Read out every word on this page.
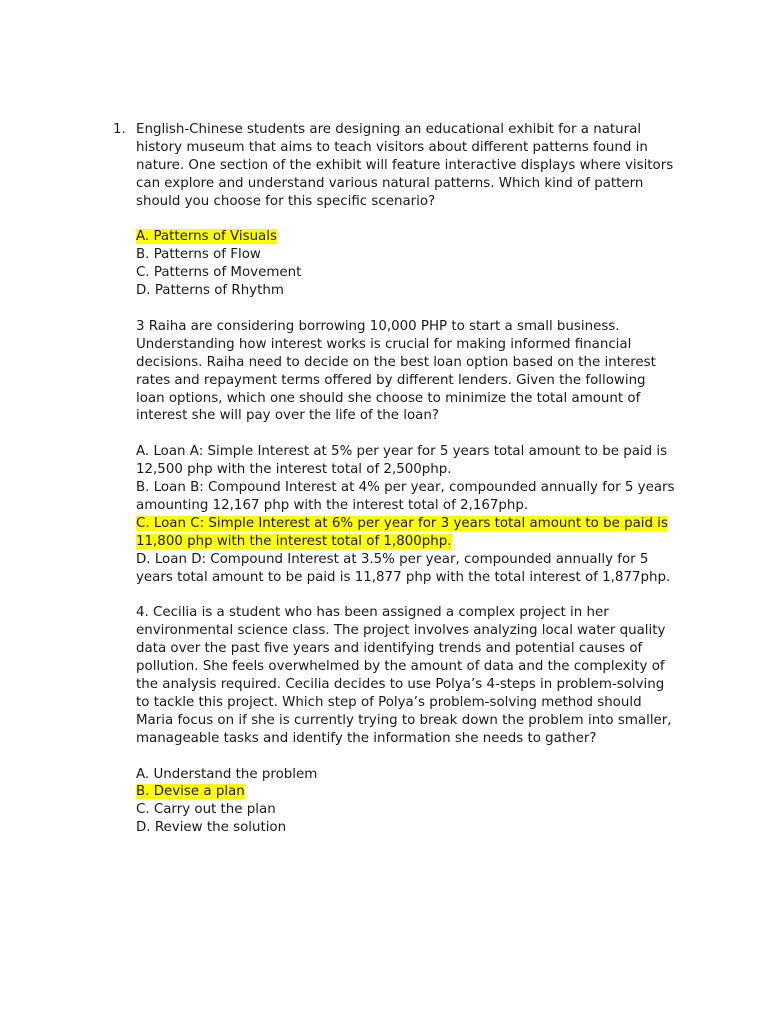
1. English-Chinese students are designing an educational exhibit for a natural history museum that aims to teach visitors about different patterns found in nature. One section of the exhibit will feature interactive displays where visitors can explore and understand various natural patterns. Which kind of pattern should you choose for this specific scenario?

A. Patterns of Visuals
B. Patterns of Flow
C. Patterns of Movement
D. Patterns of Rhythm

3 Raiha are considering borrowing 10,000 PHP to start a small business. Understanding how interest works is crucial for making informed financial decisions. Raiha need to decide on the best loan option based on the interest rates and repayment terms offered by different lenders. Given the following loan options, which one should she choose to minimize the total amount of interest she will pay over the life of the loan?

A. Loan A: Simple Interest at 5% per year for 5 years total amount to be paid is 12,500 php with the interest total of 2,500php.
B. Loan B: Compound Interest at 4% per year, compounded annually for 5 years amounting 12,167 php with the interest total of 2,167php.
C. Loan C: Simple Interest at 6% per year for 3 years total amount to be paid is 11,800 php with the interest total of 1,800php.
D. Loan D: Compound Interest at 3.5% per year, compounded annually for 5 years total amount to be paid is 11,877 php with the total interest of 1,877php.

4. Cecilia is a student who has been assigned a complex project in her environmental science class. The project involves analyzing local water quality data over the past five years and identifying trends and potential causes of pollution. She feels overwhelmed by the amount of data and the complexity of the analysis required. Cecilia decides to use Polya’s 4-steps in problem-solving to tackle this project. Which step of Polya’s problem-solving method should Maria focus on if she is currently trying to break down the problem into smaller, manageable tasks and identify the information she needs to gather?

A. Understand the problem
B. Devise a plan
C. Carry out the plan
D. Review the solution
